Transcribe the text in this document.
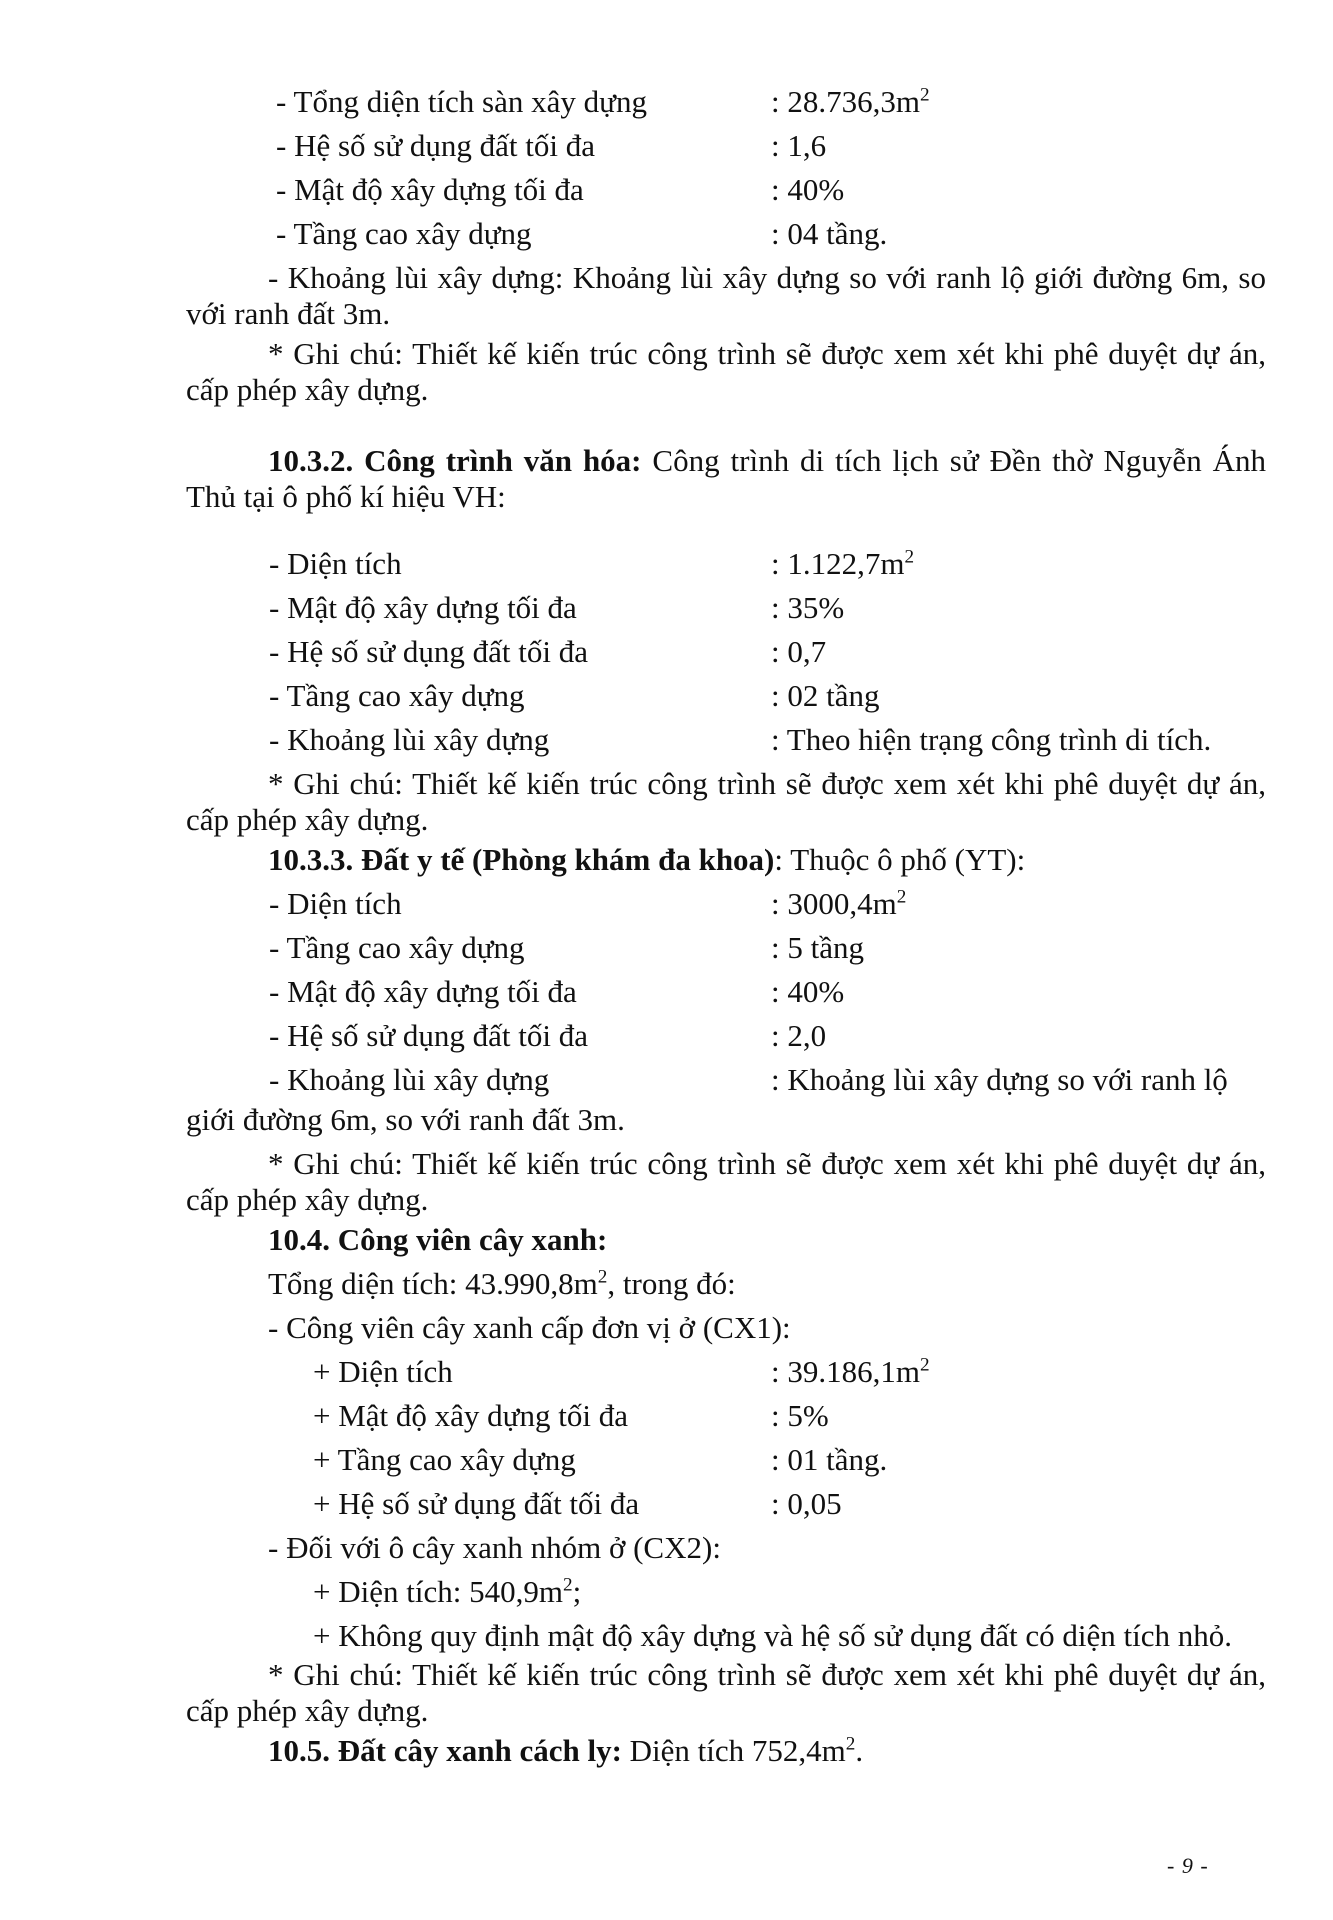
- Tổng diện tích sàn xây dựng	: $28.736,3m^2$
- Hệ số sử dụng đất tối đa	: 1,6
- Mật độ xây dựng tối đa	: 40%
- Tầng cao xây dựng	: 04 tầng.

- Khoảng lùi xây dựng: Khoảng lùi xây dựng so với ranh lộ giới đường 6m, so với ranh đất 3m.

* Ghi chú: Thiết kế kiến trúc công trình sẽ được xem xét khi phê duyệt dự án, cấp phép xây dựng.

10.3.2. Công trình văn hóa: Công trình di tích lịch sử Đền thờ Nguyễn Ánh Thủ tại ô phố kí hiệu VH:

- Diện tích	: $1.122,7m^2$
- Mật độ xây dựng tối đa	: 35%
- Hệ số sử dụng đất tối đa	: 0,7
- Tầng cao xây dựng	: 02 tầng
- Khoảng lùi xây dựng	: Theo hiện trạng công trình di tích.

* Ghi chú: Thiết kế kiến trúc công trình sẽ được xem xét khi phê duyệt dự án, cấp phép xây dựng.

10.3.3. Đất y tế (Phòng khám đa khoa): Thuộc ô phố (YT):
- Diện tích	: $3000,4m^2$
- Tầng cao xây dựng	: 5 tầng
- Mật độ xây dựng tối đa	: 40%
- Hệ số sử dụng đất tối đa	: 2,0
- Khoảng lùi xây dựng	: Khoảng lùi xây dựng so với ranh lộ
giới đường 6m, so với ranh đất 3m.

* Ghi chú: Thiết kế kiến trúc công trình sẽ được xem xét khi phê duyệt dự án, cấp phép xây dựng.

10.4. Công viên cây xanh:
Tổng diện tích: $43.990,8m^2$, trong đó:
- Công viên cây xanh cấp đơn vị ở (CX1):
+ Diện tích	: $39.186,1m^2$
+ Mật độ xây dựng tối đa	: 5%
+ Tầng cao xây dựng	: 01 tầng.
+ Hệ số sử dụng đất tối đa	: 0,05
- Đối với ô cây xanh nhóm ở (CX2):
+ Diện tích: $540,9m^2$;

+ Không quy định mật độ xây dựng và hệ số sử dụng đất có diện tích nhỏ.

* Ghi chú: Thiết kế kiến trúc công trình sẽ được xem xét khi phê duyệt dự án, cấp phép xây dựng.

10.5. Đất cây xanh cách ly: Diện tích $752,4m^2$.
- 9 -
